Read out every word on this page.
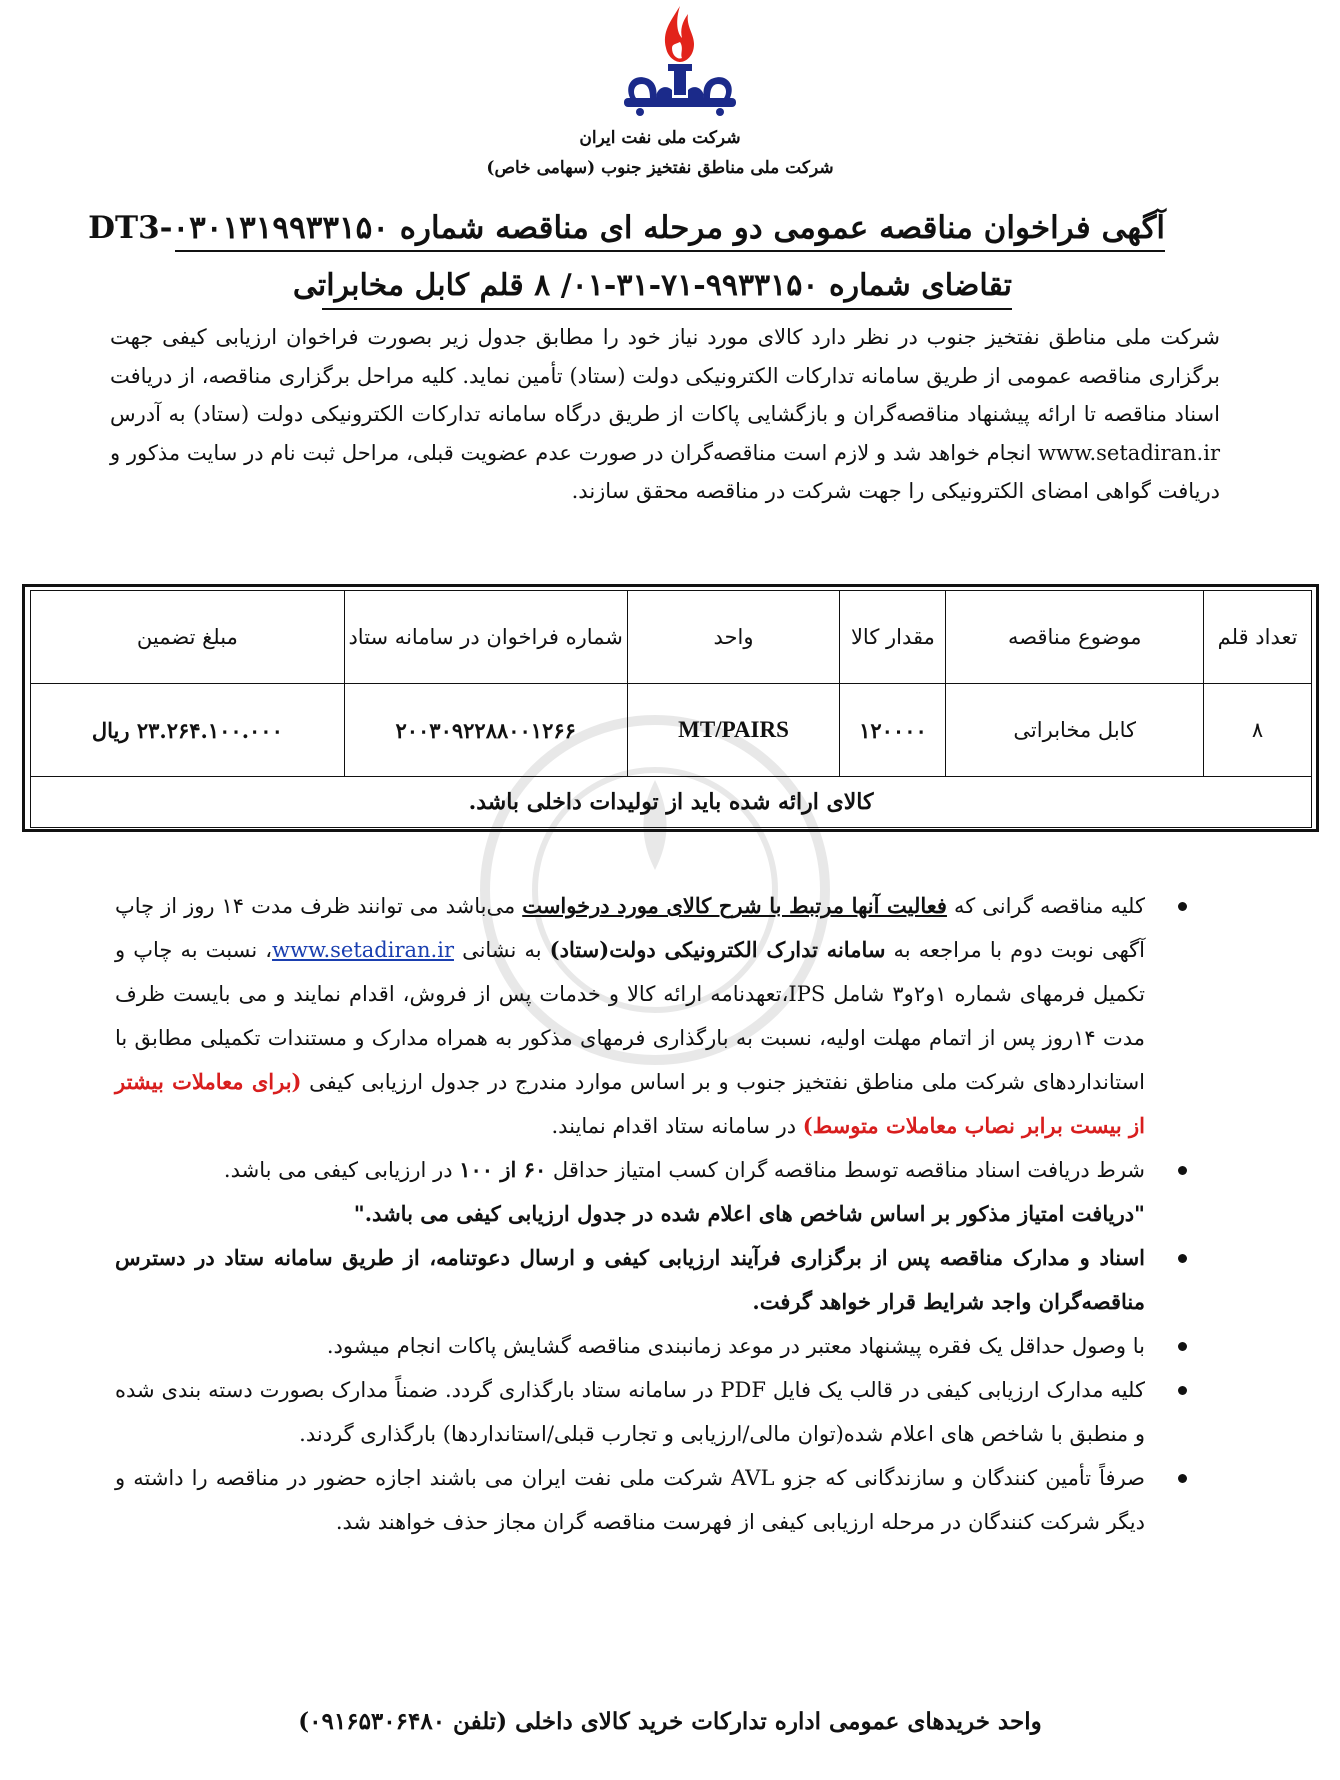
شرکت ملی نفت ایران
شرکت ملی مناطق نفتخیز جنوب (سهامی خاص)
آگهی فراخوان مناقصه عمومی دو مرحله ای مناقصه شماره DT3-۰۳۰۱۳۱۹۹۳۳۱۵۰
تقاضای شماره ۹۹۳۳۱۵۰-۷۱-۳۱-۰۱/ ۸ قلم کابل مخابراتی
شرکت ملی مناطق نفتخیز جنوب در نظر دارد کالای مورد نیاز خود را مطابق جدول زیر بصورت فراخوان ارزیابی کیفی جهت برگزاری مناقصه عمومی از طریق سامانه تدارکات الکترونیکی دولت (ستاد) تأمین نماید. کلیه مراحل برگزاری مناقصه، از دریافت اسناد مناقصه تا ارائه پیشنهاد مناقصه‌گران و بازگشایی پاکات از طریق درگاه سامانه تدارکات الکترونیکی دولت (ستاد) به آدرس www.setadiran.ir انجام خواهد شد و لازم است مناقصه‌گران در صورت عدم عضویت قبلی، مراحل ثبت نام در سایت مذکور و دریافت گواهی امضای الکترونیکی را جهت شرکت در مناقصه محقق سازند.
تعداد قلم	موضوع مناقصه	مقدار کالا	واحد	شماره فراخوان در سامانه ستاد	مبلغ تضمین
۸	کابل مخابراتی	۱۲۰۰۰۰	MT/PAIRS	۲۰۰۳۰۹۲۲۸۸۰۰۱۲۶۶	۲۳.۲۶۴.۱۰۰.۰۰۰ ریال
کالای ارائه شده باید از تولیدات داخلی باشد.					
کلیه مناقصه گرانی که فعالیت آنها مرتبط با شرح کالای مورد درخواست می‌باشد می توانند ظرف مدت ۱۴ روز از چاپ آگهی نوبت دوم با مراجعه به سامانه تدارک الکترونیکی دولت(ستاد) به نشانی www.setadiran.ir، نسبت به چاپ و تکمیل فرمهای شماره ۱و۲و۳ شامل IPS،تعهدنامه ارائه کالا و خدمات پس از فروش، اقدام نمایند و می بایست ظرف مدت ۱۴روز پس از اتمام مهلت اولیه، نسبت به بارگذاری فرمهای مذکور به همراه مدارک و مستندات تکمیلی مطابق با استانداردهای شرکت ملی مناطق نفتخیز جنوب و بر اساس موارد مندرج در جدول ارزیابی کیفی (برای معاملات بیشتر از بیست برابر نصاب معاملات متوسط) در سامانه ستاد اقدام نمایند.
شرط دریافت اسناد مناقصه توسط مناقصه گران کسب امتیاز حداقل ۶۰ از ۱۰۰ در ارزیابی کیفی می باشد.
"دریافت امتیاز مذکور بر اساس شاخص های اعلام شده در جدول ارزیابی کیفی می باشد."
اسناد و مدارک مناقصه پس از برگزاری فرآیند ارزیابی کیفی و ارسال دعوتنامه، از طریق سامانه ستاد در دسترس مناقصه‌گران واجد شرایط قرار خواهد گرفت.
با وصول حداقل یک فقره پیشنهاد معتبر در موعد زمانبندی مناقصه گشایش پاکات انجام میشود.
کلیه مدارک ارزیابی کیفی در قالب یک فایل PDF در سامانه ستاد بارگذاری گردد. ضمناً مدارک بصورت دسته بندی شده و منطبق با شاخص های اعلام شده(توان مالی/ارزیابی و تجارب قبلی/استانداردها) بارگذاری گردند.
صرفاً تأمین کنندگان و سازندگانی که جزو AVL شرکت ملی نفت ایران می باشند اجازه حضور در مناقصه را داشته و دیگر شرکت کنندگان در مرحله ارزیابی کیفی از فهرست مناقصه گران مجاز حذف خواهند شد.
واحد خریدهای عمومی اداره تدارکات خرید کالای داخلی (تلفن ۰۹۱۶۵۳۰۶۴۸۰)
